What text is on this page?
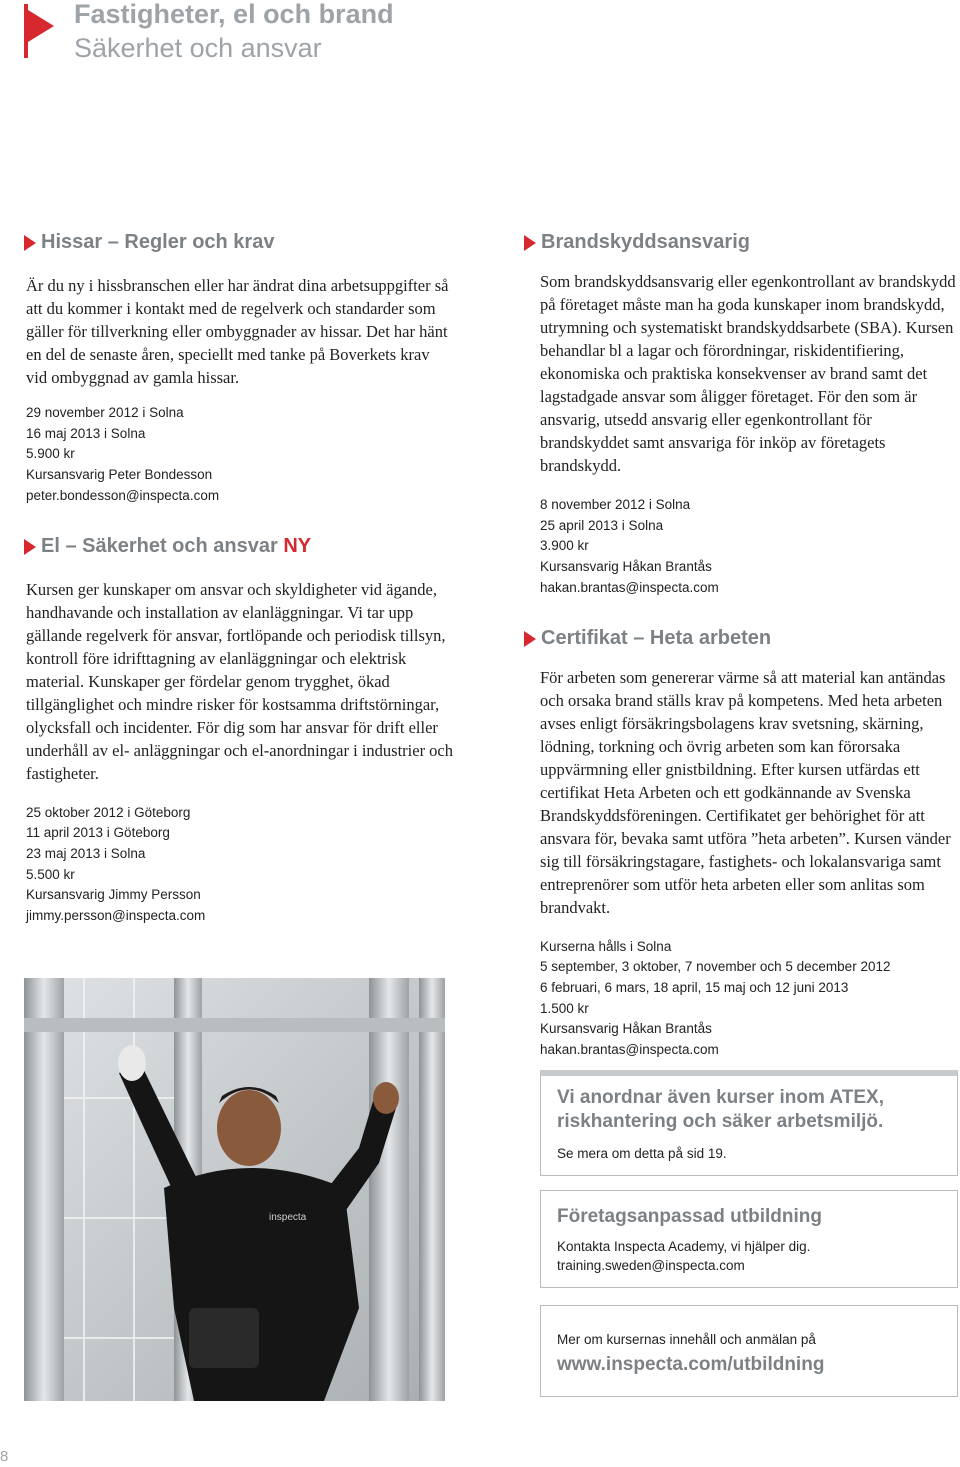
Fastigheter, el och brand
Säkerhet och ansvar
Hissar – Regler och krav
Är du ny i hissbranschen eller har ändrat dina arbetsuppgifter så att du kommer i kontakt med de regelverk och standarder som gäller för tillverkning eller ombyggnader av hissar. Det har hänt en del de senaste åren, speciellt med tanke på Boverkets krav vid ombyggnad av gamla hissar.
29 november 2012 i Solna
16 maj 2013 i Solna
5.900 kr
Kursansvarig Peter Bondesson
peter.bondesson@inspecta.com
El – Säkerhet och ansvar NY
Kursen ger kunskaper om ansvar och skyldigheter vid ägande, handhavande och installation av elanläggningar. Vi tar upp gällande regelverk för ansvar, fortlöpande och periodisk tillsyn, kontroll före idrifttagning av elanläggningar och elektrisk material. Kunskaper ger fördelar genom trygghet, ökad tillgänglighet och mindre risker för kostsamma driftstörningar, olycksfall och incidenter. För dig som har ansvar för drift eller underhåll av el- anläggningar och el-anordningar i industrier och fastigheter.
25 oktober 2012 i Göteborg
11 april 2013 i Göteborg
23 maj 2013 i Solna
5.500 kr
Kursansvarig Jimmy Persson
jimmy.persson@inspecta.com
inspecta
Brandskyddsansvarig
Som brandskyddsansvarig eller egenkontrollant av brandskydd på företaget måste man ha goda kunskaper inom brandskydd, utrymning och systematiskt brandskyddsarbete (SBA). Kursen behandlar bl a lagar och förordningar, riskidentifiering, ekonomiska och praktiska konsekvenser av brand samt det lagstadgade ansvar som åligger företaget. För den som är ansvarig, utsedd ansvarig eller egenkontrollant för brandskyddet samt ansvariga för inköp av företagets brandskydd.
8 november 2012 i Solna
25 april 2013 i Solna
3.900 kr
Kursansvarig Håkan Brantås
hakan.brantas@inspecta.com
Certifikat – Heta arbeten
För arbeten som genererar värme så att material kan antändas och orsaka brand ställs krav på kompetens. Med heta arbeten avses enligt försäkringsbolagens krav svetsning, skärning, lödning, torkning och övrig arbeten som kan förorsaka uppvärmning eller gnistbildning. Efter kursen utfärdas ett certifikat Heta Arbeten och ett godkännande av Svenska Brandskyddsföreningen. Certifikatet ger behörighet för att ansvara för, bevaka samt utföra ”heta arbeten”. Kursen vänder sig till försäkringstagare, fastighets- och lokalansvariga samt entreprenörer som utför heta arbeten eller som anlitas som brandvakt.
Kurserna hålls i Solna
5 september, 3 oktober, 7 november och 5 december 2012
6 februari, 6 mars, 18 april, 15 maj och 12 juni 2013
1.500 kr
Kursansvarig Håkan Brantås
hakan.brantas@inspecta.com
Vi anordnar även kurser inom ATEX, riskhantering och säker arbetsmiljö.
Se mera om detta på sid 19.
Företagsanpassad utbildning
Kontakta Inspecta Academy, vi hjälper dig.
training.sweden@inspecta.com
Mer om kursernas innehåll och anmälan på
www.inspecta.com/utbildning
8
